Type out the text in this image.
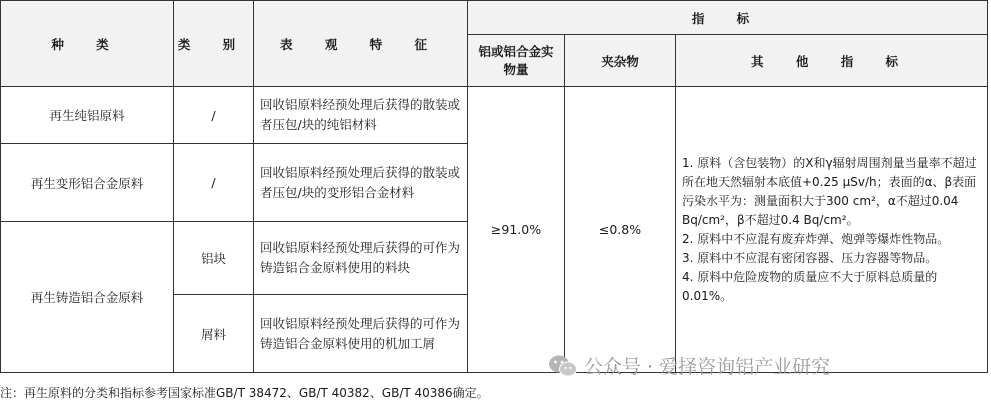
种 类	类 别	表 观 特 征	指 标		
			铝或铝合金实物量	夹杂物	其 他 指 标
再生纯铝原料	/	回收铝原料经预处理后获得的散装或者压包/块的纯铝材料	≥91.0%	≤0.8%	1. 原料（含包装物）的X和γ辐射周围剂量当量率不超过所在地天然辐射本底值+0.25 μSv/h；表面的α、β表面污染水平为：测量面积大于300 cm²，α不超过0.04 Bq/cm²，β不超过0.4 Bq/cm²。

2. 原料中不应混有废弃炸弹、炮弹等爆炸性物品。

3. 原料中不应混有密闭容器、压力容器等物品。

4. 原料中危险废物的质量应不大于原料总质量的0.01%。

再生变形铝合金原料	/	回收铝原料经预处理后获得的散装或者压包/块的变形铝合金材料			
再生铸造铝合金原料	铝块	回收铝原料经预处理后获得的可作为铸造铝合金原料使用的料块			
	屑料	回收铝原料经预处理后获得的可作为铸造铝合金原料使用的机加工屑			
公众号 · 爱择咨询铝产业研究
注：再生原料的分类和指标参考国家标准GB/T 38472、GB/T 40382、GB/T 40386确定。
